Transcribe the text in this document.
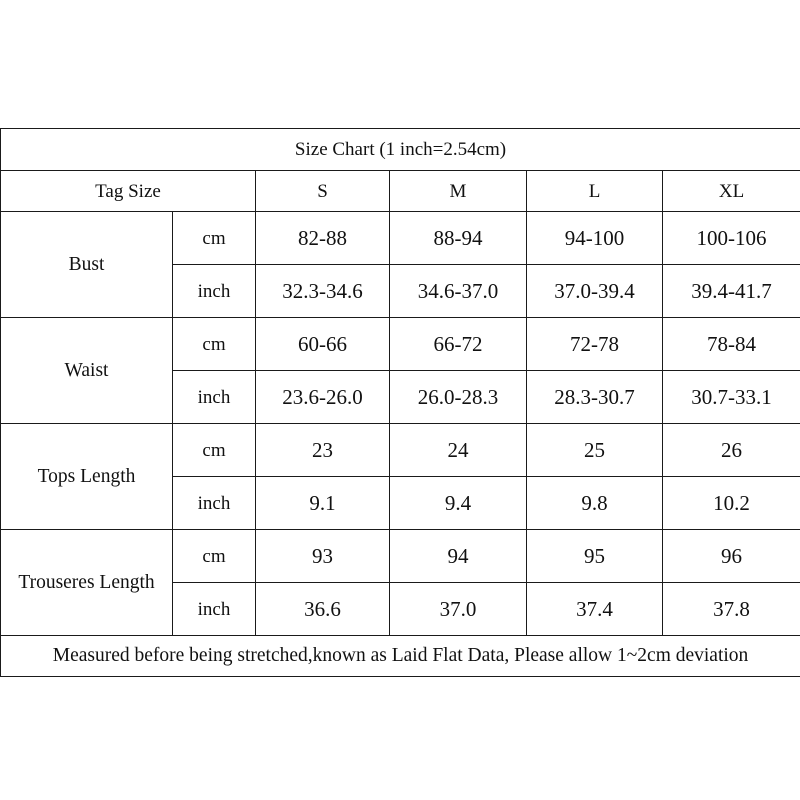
Size Chart (1 inch=2.54cm)					
Tag Size		S	M	L	XL
Bust	cm	82-88	88-94	94-100	100-106
	inch	32.3-34.6	34.6-37.0	37.0-39.4	39.4-41.7
Waist	cm	60-66	66-72	72-78	78-84
	inch	23.6-26.0	26.0-28.3	28.3-30.7	30.7-33.1
Tops Length	cm	23	24	25	26
	inch	9.1	9.4	9.8	10.2
Trouseres Length	cm	93	94	95	96
	inch	36.6	37.0	37.4	37.8
Measured before being stretched,known as Laid Flat Data, Please allow 1~2cm deviation					
